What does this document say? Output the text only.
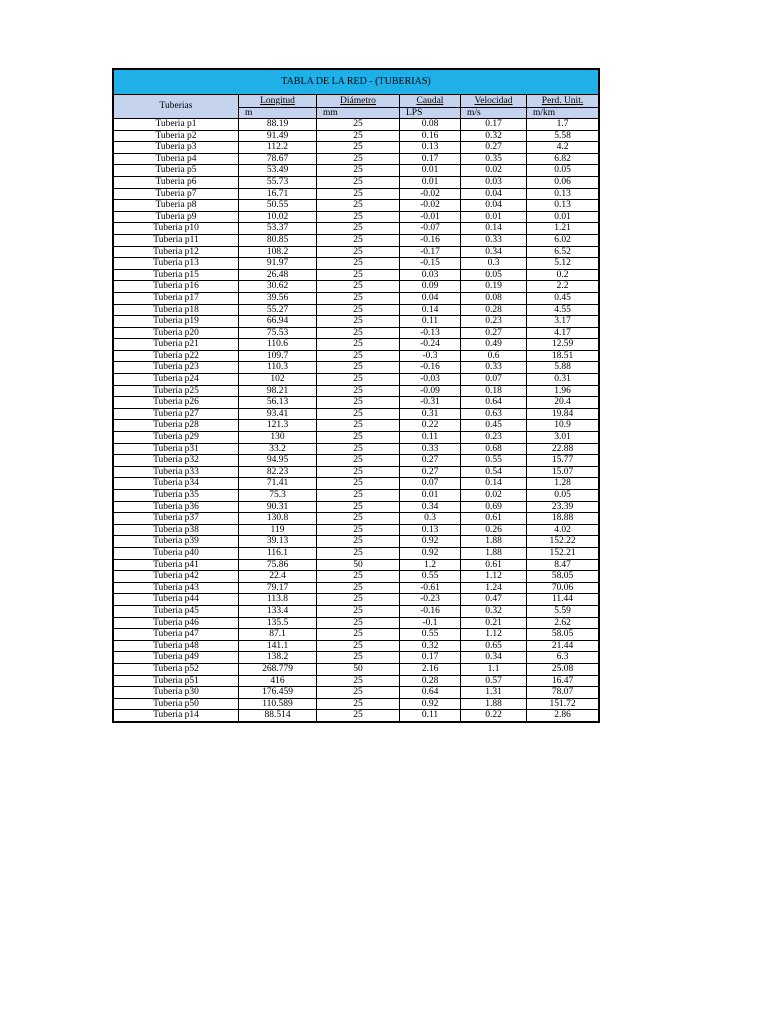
TABLA DE LA RED - (TUBERIAS)
Tuberias	Longitud	Diámetro	Caudal	Velocidad	Perd. Unit.
	m	mm	LPS	m/s	m/km
Tuberia p1	88.19	25	0.08	0.17	1.7
Tuberia p2	91.49	25	0.16	0.32	5.58
Tuberia p3	112.2	25	0.13	0.27	4.2
Tuberia p4	78.67	25	0.17	0.35	6.82
Tuberia p5	53.49	25	0.01	0.02	0.05
Tuberia p6	55.73	25	0.01	0.03	0.06
Tuberia p7	16.71	25	-0.02	0.04	0.13
Tuberia p8	50.55	25	-0.02	0.04	0.13
Tuberia p9	10.02	25	-0.01	0.01	0.01
Tuberia p10	53.37	25	-0.07	0.14	1.21
Tuberia p11	80.85	25	-0.16	0.33	6.02
Tuberia p12	108.2	25	-0.17	0.34	6.52
Tuberia p13	91.97	25	-0.15	0.3	5.12
Tuberia p15	26.48	25	0.03	0.05	0.2
Tuberia p16	30.62	25	0.09	0.19	2.2
Tuberia p17	39.56	25	0.04	0.08	0.45
Tuberia p18	55.27	25	0.14	0.28	4.55
Tuberia p19	66.94	25	0.11	0.23	3.17
Tuberia p20	75.53	25	-0.13	0.27	4.17
Tuberia p21	110.6	25	-0.24	0.49	12.59
Tuberia p22	109.7	25	-0.3	0.6	18.51
Tuberia p23	110.3	25	-0.16	0.33	5.88
Tuberia p24	102	25	-0.03	0.07	0.31
Tuberia p25	98.21	25	-0.09	0.18	1.96
Tuberia p26	56.13	25	-0.31	0.64	20.4
Tuberia p27	93.41	25	0.31	0.63	19.84
Tuberia p28	121.3	25	0.22	0.45	10.9
Tuberia p29	130	25	0.11	0.23	3.01
Tuberia p31	33.2	25	0.33	0.68	22.88
Tuberia p32	94.95	25	0.27	0.55	15.77
Tuberia p33	82.23	25	0.27	0.54	15.07
Tuberia p34	71.41	25	0.07	0.14	1.28
Tuberia p35	75.3	25	0.01	0.02	0.05
Tuberia p36	90.31	25	0.34	0.69	23.39
Tuberia p37	130.8	25	0.3	0.61	18.88
Tuberia p38	119	25	0.13	0.26	4.02
Tuberia p39	39.13	25	0.92	1.88	152.22
Tuberia p40	116.1	25	0.92	1.88	152.21
Tuberia p41	75.86	50	1.2	0.61	8.47
Tuberia p42	22.4	25	0.55	1.12	58.05
Tuberia p43	79.17	25	-0.61	1.24	70.06
Tuberia p44	113.8	25	-0.23	0.47	11.44
Tuberia p45	133.4	25	-0.16	0.32	5.59
Tuberia p46	135.5	25	-0.1	0.21	2.62
Tuberia p47	87.1	25	0.55	1.12	58.05
Tuberia p48	141.1	25	0.32	0.65	21.44
Tuberia p49	138.2	25	0.17	0.34	6.3
Tuberia p52	268.779	50	2.16	1.1	25.08
Tuberia p51	416	25	0.28	0.57	16.47
Tuberia p30	176.459	25	0.64	1.31	78.07
Tuberia p50	110.589	25	0.92	1.88	151.72
Tuberia p14	88.514	25	0.11	0.22	2.86
